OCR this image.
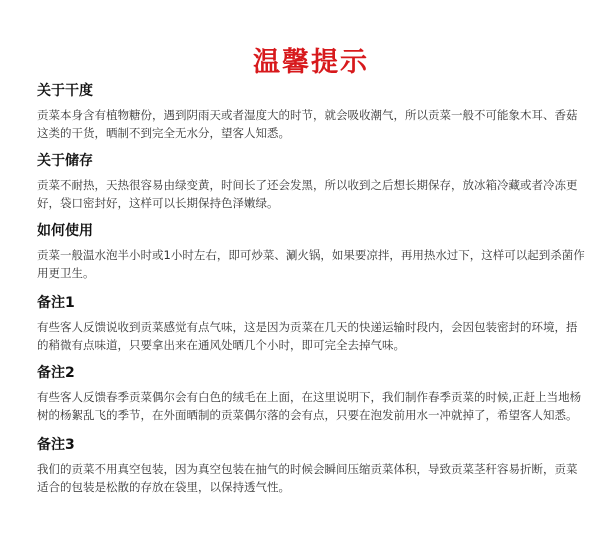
温馨提示

关于干度

贡菜本身含有植物糖份，遇到阴雨天或者湿度大的时节，就会吸收潮气，所以贡菜一般不可能象木耳、香菇这类的干货，晒制不到完全无水分，望客人知悉。

关于储存

贡菜不耐热，天热很容易由绿变黄，时间长了还会发黑，所以收到之后想长期保存，放冰箱冷藏或者冷冻更好，袋口密封好，这样可以长期保持色泽嫩绿。

如何使用

贡菜一般温水泡半小时或1小时左右，即可炒菜、涮火锅，如果要凉拌，再用热水过下，这样可以起到杀菌作用更卫生。

备注1

有些客人反馈说收到贡菜感觉有点气味，这是因为贡菜在几天的快递运输时段内，会因包装密封的环境，捂的稍微有点味道，只要拿出来在通风处晒几个小时，即可完全去掉气味。

备注2

有些客人反馈春季贡菜偶尔会有白色的绒毛在上面，在这里说明下，我们制作春季贡菜的时候,正赶上当地杨树的杨絮乱飞的季节，在外面晒制的贡菜偶尔落的会有点，只要在泡发前用水一冲就掉了，希望客人知悉。

备注3

我们的贡菜不用真空包装，因为真空包装在抽气的时候会瞬间压缩贡菜体积，导致贡菜茎秆容易折断，贡菜适合的包装是松散的存放在袋里，以保持透气性。
